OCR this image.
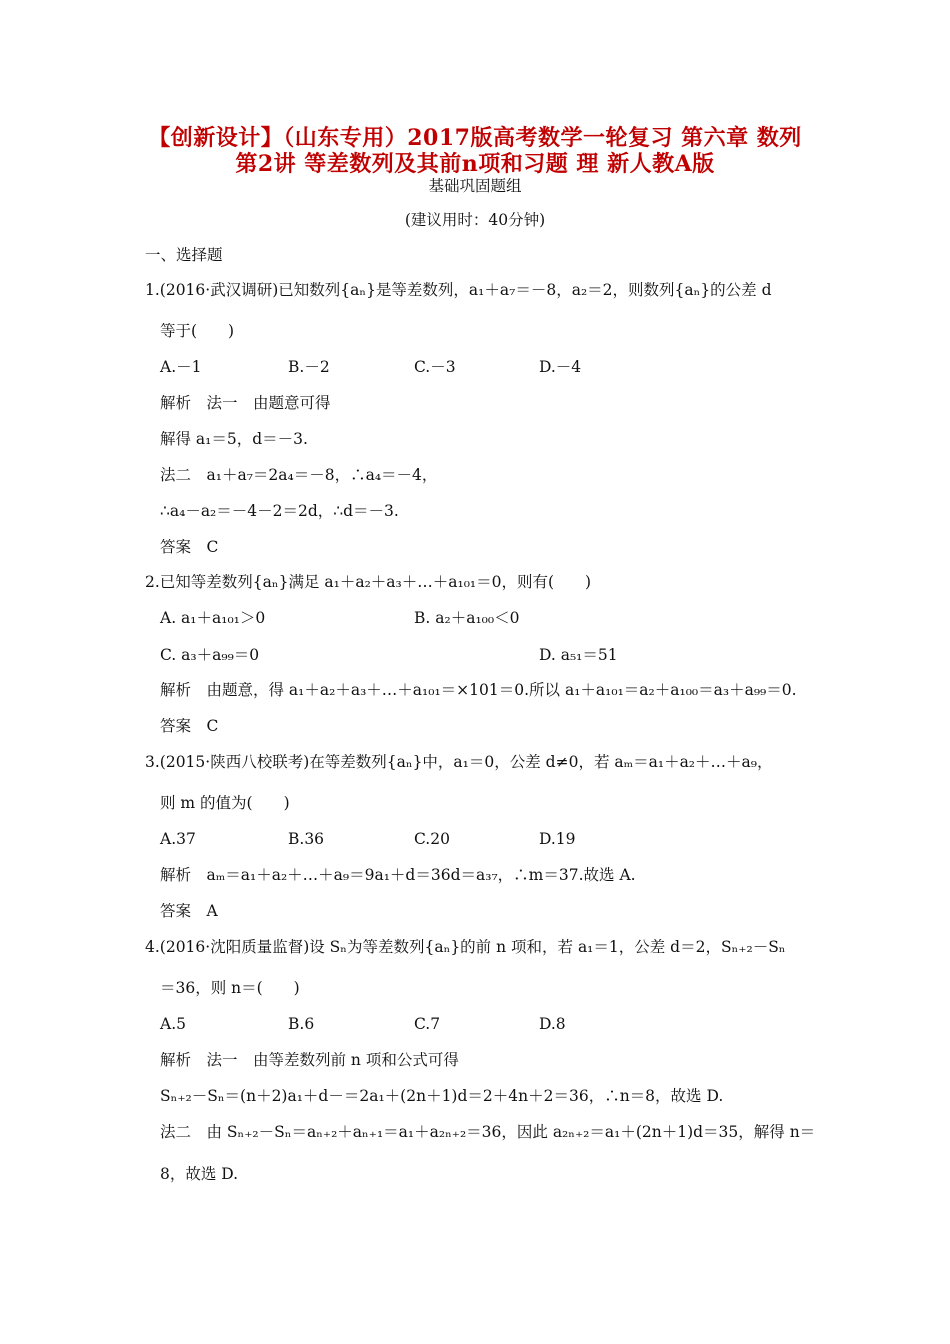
【创新设计】（山东专用）2017版高考数学一轮复习 第六章 数列
第2讲 等差数列及其前n项和习题 理 新人教A版
基础巩固题组
(建议用时：40分钟)
一、选择题
1.(2016·武汉调研)已知数列{aₙ}是等差数列，a₁＋a₇＝－8，a₂＝2，则数列{aₙ}的公差 d
等于(　　)
A.－1	B.－2	C.－3	D.－4
解析　法一　由题意可得
解得 a₁＝5，d＝－3.
法二　a₁＋a₇＝2a₄＝－8，∴a₄＝－4，
∴a₄－a₂＝－4－2＝2d，∴d＝－3.
答案　C
2.已知等差数列{aₙ}满足 a₁＋a₂＋a₃＋…＋a₁₀₁＝0，则有(　　)
A. a₁＋a₁₀₁＞0	B. a₂＋a₁₀₀＜0
C. a₃＋a₉₉＝0	D. a₅₁＝51
解析　由题意，得 a₁＋a₂＋a₃＋…＋a₁₀₁＝×101＝0.所以 a₁＋a₁₀₁＝a₂＋a₁₀₀＝a₃＋a₉₉＝0.
答案　C
3.(2015·陕西八校联考)在等差数列{aₙ}中，a₁＝0，公差 d≠0，若 aₘ＝a₁＋a₂＋…＋a₉，
则 m 的值为(　　)
A.37	B.36	C.20	D.19
解析　aₘ＝a₁＋a₂＋…＋a₉＝9a₁＋d＝36d＝a₃₇，∴m＝37.故选 A.
答案　A
4.(2016·沈阳质量监督)设 Sₙ为等差数列{aₙ}的前 n 项和，若 a₁＝1，公差 d＝2，Sₙ₊₂－Sₙ
＝36，则 n＝(　　)
A.5	B.6	C.7	D.8
解析　法一　由等差数列前 n 项和公式可得
Sₙ₊₂－Sₙ＝(n＋2)a₁＋d－＝2a₁＋(2n＋1)d＝2＋4n＋2＝36，∴n＝8，故选 D.
法二　由 Sₙ₊₂－Sₙ＝aₙ₊₂＋aₙ₊₁＝a₁＋a₂ₙ₊₂＝36，因此 a₂ₙ₊₂＝a₁＋(2n＋1)d＝35，解得 n＝
8，故选 D.
